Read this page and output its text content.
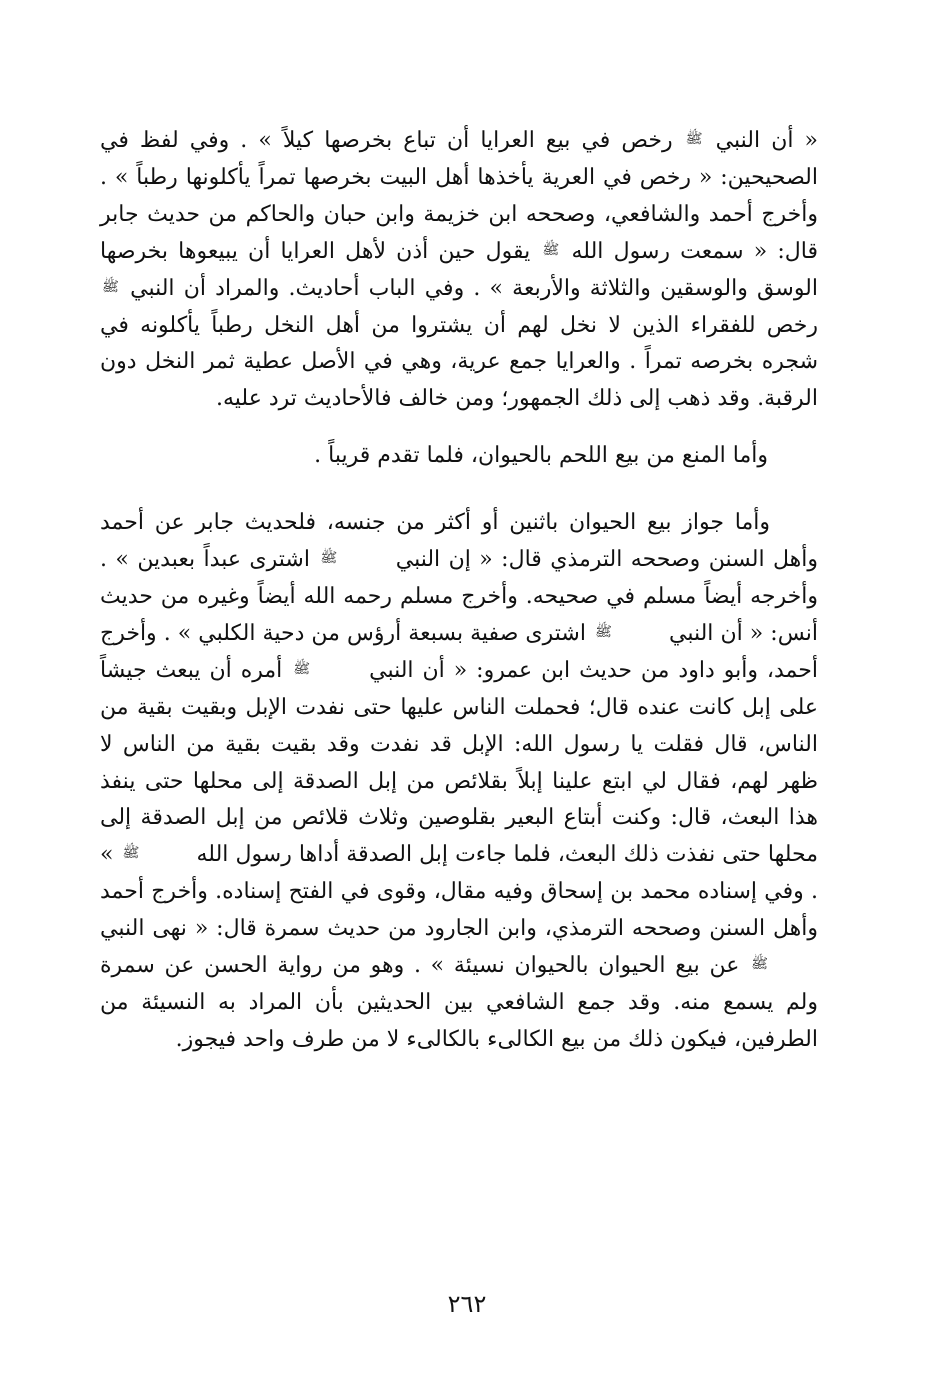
« أن النبي ﷺ رخص في بيع العرايا أن تباع بخرصها كيلاً » . وفي لفظ في الصحيحين: « رخص في العرية يأخذها أهل البيت بخرصها تمراً يأكلونها رطباً » . وأخرج أحمد والشافعي، وصححه ابن خزيمة وابن حبان والحاكم من حديث جابر قال: « سمعت رسول الله ﷺ يقول حين أذن لأهل العرايا أن يبيعوها بخرصها الوسق والوسقين والثلاثة والأربعة » . وفي الباب أحاديث. والمراد أن النبي ﷺ رخص للفقراء الذين لا نخل لهم أن يشتروا من أهل النخل رطباً يأكلونه في شجره بخرصه تمراً . والعرايا جمع عرية، وهي في الأصل عطية ثمر النخل دون الرقبة. وقد ذهب إلى ذلك الجمهور؛ ومن خالف فالأحاديث ترد عليه.

وأما المنع من بيع اللحم بالحيوان، فلما تقدم قريباً .

وأما جواز بيع الحيوان باثنين أو أكثر من جنسه، فلحديث جابر عن أحمد وأهل السنن وصححه الترمذي قال: « إن النبي ﷺ اشترى عبداً بعبدين » . وأخرجه أيضاً مسلم في صحيحه. وأخرج مسلم رحمه الله أيضاً وغيره من حديث أنس: « أن النبي ﷺ اشترى صفية بسبعة أرؤس من دحية الكلبي » . وأخرج أحمد، وأبو داود من حديث ابن عمرو: « أن النبي ﷺ أمره أن يبعث جيشاً على إبل كانت عنده قال؛ فحملت الناس عليها حتى نفدت الإبل وبقيت بقية من الناس، قال فقلت يا رسول الله: الإبل قد نفدت وقد بقيت بقية من الناس لا ظهر لهم، فقال لي ابتع علينا إبلاً بقلائص من إبل الصدقة إلى محلها حتى ينفذ هذا البعث، قال: وكنت أبتاع البعير بقلوصين وثلاث قلائص من إبل الصدقة إلى محلها حتى نفذت ذلك البعث، فلما جاءت إبل الصدقة أداها رسول الله ﷺ » . وفي إسناده محمد بن إسحاق وفيه مقال، وقوى في الفتح إسناده. وأخرج أحمد وأهل السنن وصححه الترمذي، وابن الجارود من حديث سمرة قال: « نهى النبي ﷺ عن بيع الحيوان بالحيوان نسيئة » . وهو من رواية الحسن عن سمرة ولم يسمع منه. وقد جمع الشافعي بين الحديثين بأن المراد به النسيئة من الطرفين، فيكون ذلك من بيع الكالىء بالكالىء لا من طرف واحد فيجوز.

٢٦٢
